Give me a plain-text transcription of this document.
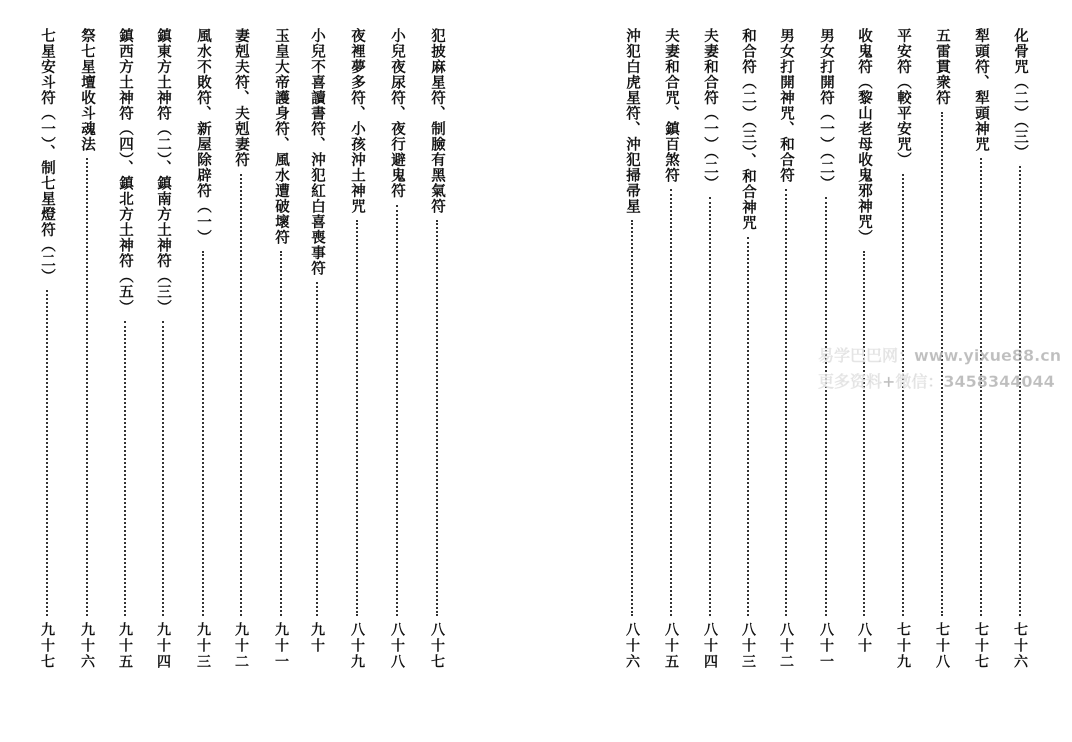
犯披麻星符、制臉有黑氣符
八十七
小兒夜尿符、夜行避鬼符
八十八
夜裡夢多符、小孩沖土神咒
八十九
小兒不喜讀書符、沖犯紅白喜喪事符
九十
玉皇大帝護身符、風水遭破壞符
九十一
妻剋夫符、夫剋妻符
九十二
風水不敗符、新屋除辟符（一）
九十三
鎮東方土神符（二）、鎮南方土神符（三）
九十四
鎮西方土神符（四）、鎮北方土神符（五）
九十五
祭七星壇收斗魂法
九十六
七星安斗符（一）、制七星燈符（二）
九十七
化骨咒（二）（三）
七十六
犁頭符、犁頭神咒
七十七
五雷貫衆符
七十八
平安符（較平安咒）
七十九
收鬼符（黎山老母收鬼邪神咒）
八十
男女打開符（一）（二）
八十一
男女打開神咒、和合符
八十二
和合符（二）（三）、和合神咒
八十三
夫妻和合符（一）（二）
八十四
夫妻和合咒、鎮百煞符
八十五
沖犯白虎星符、沖犯掃帚星
八十六
易学巴巴网：www.yixue88.cn
更多资料+微信：3458344044
